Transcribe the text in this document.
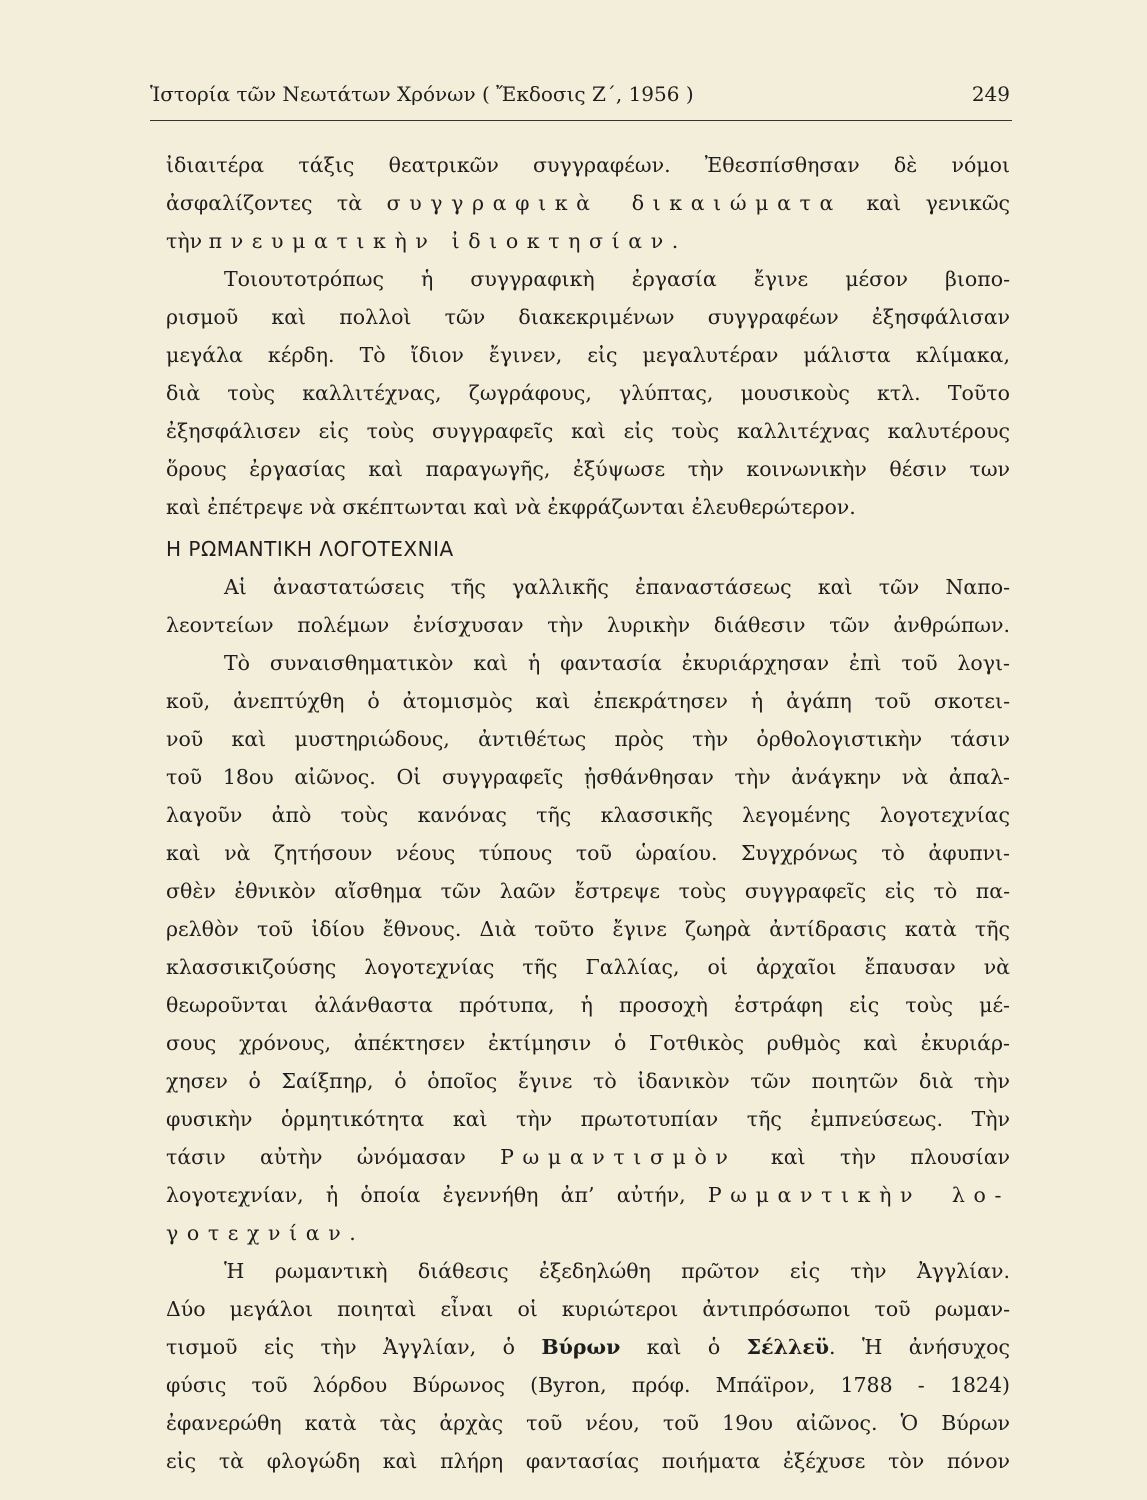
Ἱστορία τῶν Νεωτάτων Χρόνων ( Ἔκδοσις Ζ΄, 1956 )	249
ἰδιαιτέρα τάξις θεατρικῶν συγγραφέων. Ἐθεσπίσθησαν δὲ νόμοι
ἀσφαλίζοντες τὰ συγγραφικὰ δικαιώματα καὶ γενικῶς
τὴν πνευματικὴν ἰδιοκτησίαν.
Τοιουτοτρόπως ἡ συγγραφικὴ ἐργασία ἔγινε μέσον βιοπο-
ρισμοῦ καὶ πολλοὶ τῶν διακεκριμένων συγγραφέων ἐξησφάλισαν
μεγάλα κέρδη. Τὸ ἴδιον ἔγινεν, εἰς μεγαλυτέραν μάλιστα κλίμακα,
διὰ τοὺς καλλιτέχνας, ζωγράφους, γλύπτας, μουσικοὺς κτλ. Τοῦτο
ἐξησφάλισεν εἰς τοὺς συγγραφεῖς καὶ εἰς τοὺς καλλιτέχνας καλυτέρους
ὅρους ἐργασίας καὶ παραγωγῆς, ἐξύψωσε τὴν κοινωνικὴν θέσιν των
καὶ ἐπέτρεψε νὰ σκέπτωνται καὶ νὰ ἐκφράζωνται ἐλευθερώτερον.
Η ΡΩΜΑΝΤΙΚΗ ΛΟΓΟΤΕΧΝΙΑ
Αἱ ἀναστατώσεις τῆς γαλλικῆς ἐπαναστάσεως καὶ τῶν Ναπο-
λεοντείων πολέμων ἐνίσχυσαν τὴν λυρικὴν διάθεσιν τῶν ἀνθρώπων.
Τὸ συναισθηματικὸν καὶ ἡ φαντασία ἐκυριάρχησαν ἐπὶ τοῦ λογι-
κοῦ, ἀνεπτύχθη ὁ ἀτομισμὸς καὶ ἐπεκράτησεν ἡ ἀγάπη τοῦ σκοτει-
νοῦ καὶ μυστηριώδους, ἀντιθέτως πρὸς τὴν ὀρθολογιστικὴν τάσιν
τοῦ 18ου αἰῶνος. Οἱ συγγραφεῖς ᾐσθάνθησαν τὴν ἀνάγκην νὰ ἀπαλ-
λαγοῦν ἀπὸ τοὺς κανόνας τῆς κλασσικῆς λεγομένης λογοτεχνίας
καὶ νὰ ζητήσουν νέους τύπους τοῦ ὡραίου. Συγχρόνως τὸ ἀφυπνι-
σθὲν ἐθνικὸν αἴσθημα τῶν λαῶν ἔστρεψε τοὺς συγγραφεῖς εἰς τὸ πα-
ρελθὸν τοῦ ἰδίου ἔθνους. Διὰ τοῦτο ἔγινε ζωηρὰ ἀντίδρασις κατὰ τῆς
κλασσικιζούσης λογοτεχνίας τῆς Γαλλίας, οἱ ἀρχαῖοι ἔπαυσαν νὰ
θεωροῦνται ἀλάνθαστα πρότυπα, ἡ προσοχὴ ἐστράφη εἰς τοὺς μέ-
σους χρόνους, ἀπέκτησεν ἐκτίμησιν ὁ Γοτθικὸς ρυθμὸς καὶ ἐκυριάρ-
χησεν ὁ Σαίξπηρ, ὁ ὁποῖος ἔγινε τὸ ἰδανικὸν τῶν ποιητῶν διὰ τὴν
φυσικὴν ὁρμητικότητα καὶ τὴν πρωτοτυπίαν τῆς ἐμπνεύσεως. Τὴν
τάσιν αὐτὴν ὠνόμασαν Ρωμαντισμὸν καὶ τὴν πλουσίαν
λογοτεχνίαν, ἡ ὁποία ἐγεννήθη ἀπ’ αὐτήν, Ρωμαντικὴν λο-
γοτεχνίαν.
Ἡ ρωμαντικὴ διάθεσις ἐξεδηλώθη πρῶτον εἰς τὴν Ἀγγλίαν.
Δύο μεγάλοι ποιηταὶ εἶναι οἱ κυριώτεροι ἀντιπρόσωποι τοῦ ρωμαν-
τισμοῦ εἰς τὴν Ἀγγλίαν, ὁ Βύρων καὶ ὁ Σέλλεϋ. Ἡ ἀνήσυχος
φύσις τοῦ λόρδου Βύρωνος (Byron, πρόφ. Μπάϊρον, 1788 - 1824)
ἐφανερώθη κατὰ τὰς ἀρχὰς τοῦ νέου, τοῦ 19ου αἰῶνος. Ὁ Βύρων
εἰς τὰ φλογώδη καὶ πλήρη φαντασίας ποιήματα ἐξέχυσε τὸν πόνον
